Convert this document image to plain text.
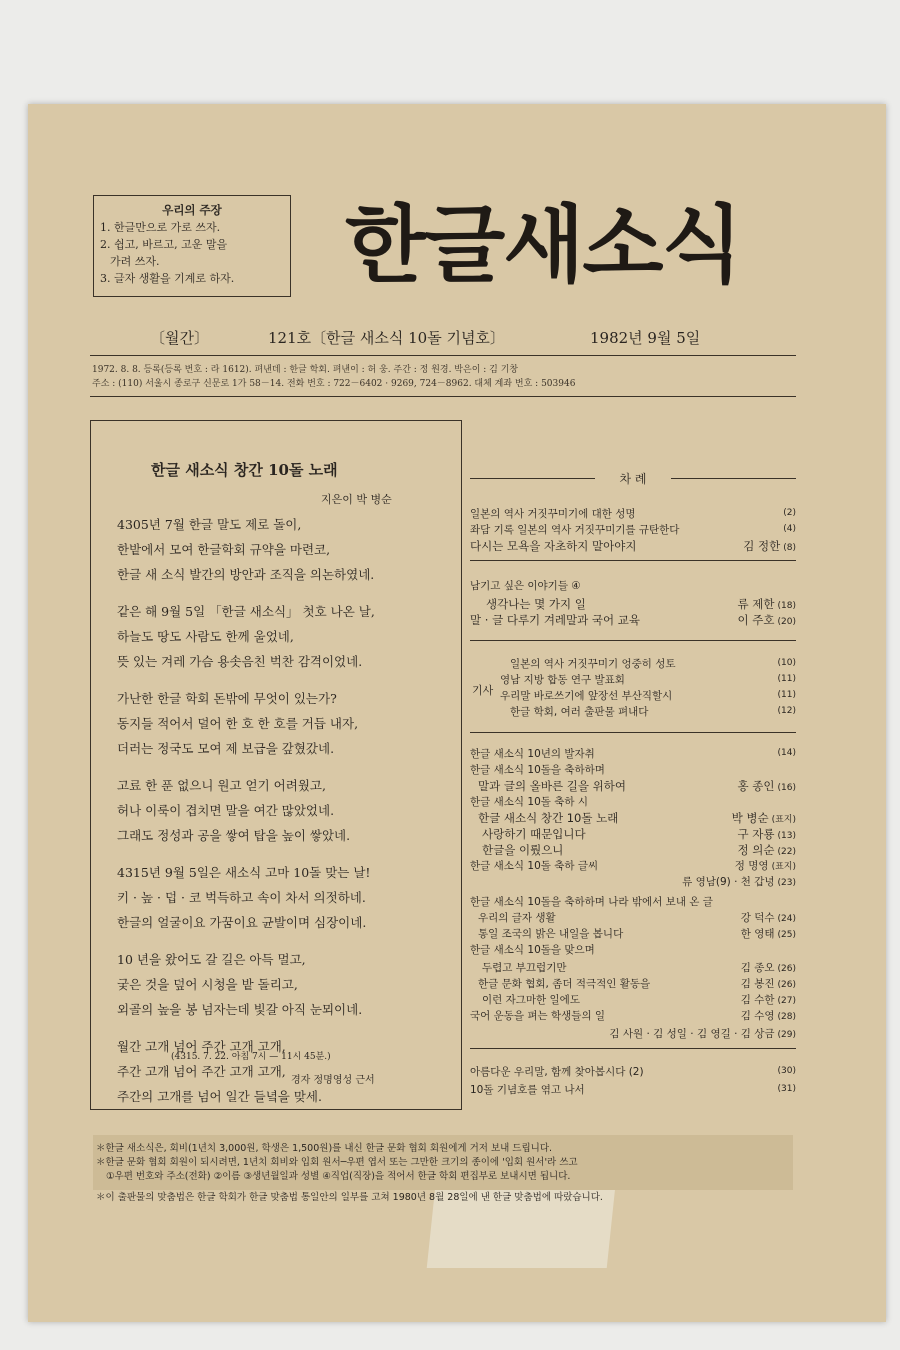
우리의 주장
1. 한글만으로 가로 쓰자.
2. 쉽고, 바르고, 고운 말을
가려 쓰자.
3. 글자 생활을 기계로 하자.	한글새소식
〔월간〕	121호〔한글 새소식 10돌 기념호〕	1982년 9월 5일
1972. 8. 8. 등록(등록 번호 : 라 1612). 펴낸데 : 한글 학회. 펴낸이 : 허 웅. 주간 : 정 원경. 박은이 : 김 기창
주소 : (110) 서울시 종로구 신문로 1가 58－14. 전화 번호 : 722－6402 · 9269, 724－8962. 대체 계좌 번호 : 503946
한글 새소식 창간 10돌 노래
지은이 박 병순
4305년 7월 한글 말도 제로 돌이,
한밭에서 모여 한글학회 규약을 마련코,
한글 새 소식 발간의 방안과 조직을 의논하였네.
같은 해 9월 5일 「한글 새소식」 첫호 나온 날,
하늘도 땅도 사람도 한께 울었네,
뜻 있는 겨레 가슴 용솟음친 벅찬 감격이었네.
가난한 한글 학회 돈밖에 무엇이 있는가?
동지들 적어서 덜어 한 호 한 호를 거듭 내자,
더러는 정국도 모여 제 보급을 갚혔갔네.
고료 한 푼 없으니 원고 얻기 어려웠고,
허나 이룩이 겹치면 말을 여간 많았었네.
그래도 정성과 공을 쌓여 탑을 높이 쌓았네.
4315년 9월 5일은 새소식 고마 10돌 맞는 날!
키 · 높 · 덥 · 코 벅득하고 속이 차서 의젓하네.
한글의 얼굴이요 가꿈이요 균발이며 심장이네.
10 년을 왔어도 갈 길은 아득 멀고,
궂은 것을 덮어 시청을 밭 돌리고,
외골의 높을 봉 넘자는데 빛갈 아직 눈뫼이네.
월간 고개 넘어 주간 고개 고개,
주간 고개 넘어 주간 고개 고개,
주간의 고개를 넘어 일간 들녘을 맞세.
(4315. 7. 22. 아침 7시 — 11시 45분.)
경자 정명영성 근서
차 례
일본의 역사 거짓꾸미기에 대한 성명	(2)
좌담 기록 일본의 역사 거짓꾸미기를 규탄한다	(4)
다시는 모욕을 자초하지 말아야지	김 정한 (8)
남기고 싶은 이야기들 ④
생각나는 몇 가지 일	류 제한 (18)
말 · 글 다루기 겨레말과 국어 교육	이 주호 (20)
일본의 역사 거짓꾸미기 엉중히 성토	(10)
영남 지방 합동 연구 발표회	(11)
우리말 바로쓰기에 앞장선 부산직할시	(11)
한글 학회, 여러 출판물 펴내다	(12)
한글 새소식 10년의 발자취	(14)
한글 새소식 10돌을 축하하며
말과 글의 올바른 길을 위하여	홍 종인 (16)
한글 새소식 10돌 축하 시
한글 새소식 창간 10돌 노래	박 병순 (표지)
사랑하기 때문입니다	구 자룡 (13)
한글을 이뤘으니	정 의순 (22)
한글 새소식 10돌 축하 글씨	정 명영 (표지)
류 영남(9) · 천 갑녕 (23)
한글 새소식 10돌을 축하하며 나라 밖에서 보내 온 글
우리의 글자 생활	강 덕수 (24)
통일 조국의 밝은 내일을 봅니다	한 영태 (25)
한글 새소식 10돌을 맞으며
두렵고 부끄럽기만	김 종오 (26)
한글 문화 협회, 좀더 적극적인 활동을	김 봉진 (26)
이런 자그마한 일에도	김 수한 (27)
국어 운동을 펴는 학생들의 일	김 수영 (28)
김 사원 · 김 성일 · 김 영길 · 김 상금 (29)
아름다운 우리말, 함께 찾아봅시다 (2)	(30)
10돌 기념호를 엮고 나서	(31)
기사
＊한글 새소식은, 회비(1년치 3,000원, 학생은 1,500원)를 내신 한글 문화 협회 회원에게 거저 보내 드립니다.
＊한글 문화 협회 회원이 되시려면, 1년치 회비와 입회 원서─우편 엽서 또는 그만한 크기의 종이에 '입회 원서'라 쓰고
①우편 번호와 주소(전화) ②이름 ③생년월일과 성별 ④직업(직장)을 적어서 한글 학회 편집부로 보내시면 됩니다.
＊이 출판물의 맞춤법은 한글 학회가 한글 맞춤법 통일안의 일부를 고쳐 1980년 8월 28일에 낸 한글 맞춤법에 따랐습니다.
